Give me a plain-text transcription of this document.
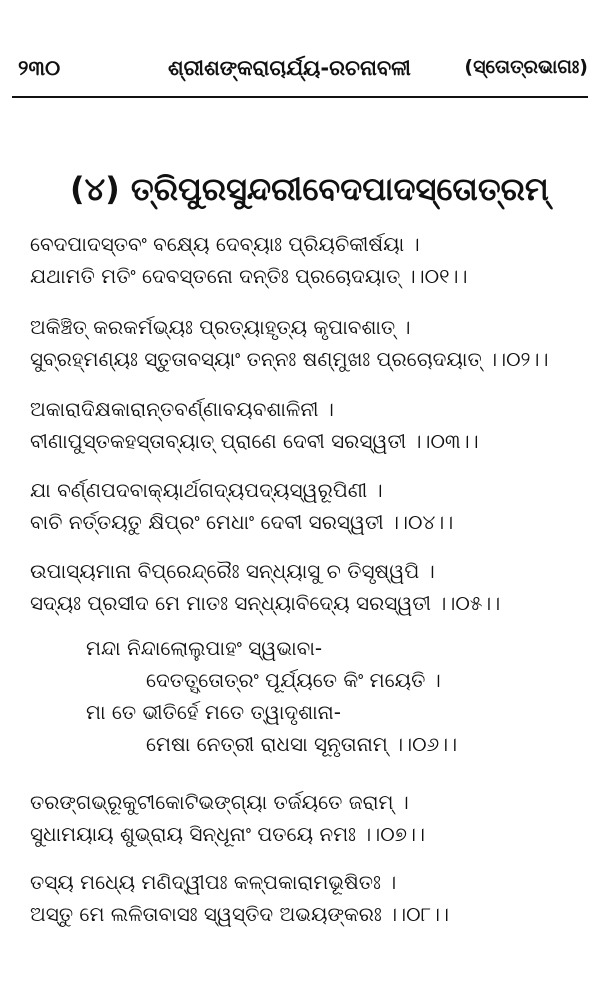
୨୩୦	ଶ୍ରୀଶଙ୍କରାଚାର୍ଯ୍ୟ-ରଚନାବଳୀ	(ସ୍ତୋତ୍ରଭାଗଃ)
(୪) ତ୍ରିପୁରସୁନ୍ଦରୀବେଦପାଦସ୍ତୋତ୍ରମ୍
ବେଦପାଦସ୍ତବଂ ବକ୍ଷ୍ୟେ ଦେବ୍ୟାଃ ପ୍ରିୟଚିକୀର୍ଷୟା ।
ଯଥାମତି ମତିଂ ଦେବସ୍ତନୋ ଦନ୍ତିଃ ପ୍ରଚୋଦୟାତ୍ ।।୦୧।।
ଅକିଞ୍ଚିତ୍ କରକର୍ମଭ୍ୟଃ ପ୍ରତ୍ୟାହୃତ୍ୟ କୃପାବଶାତ୍ ।
ସୁବ୍ରହ୍ମଣ୍ୟଃ ସ୍ତୁତାବସ୍ୟାଂ ତନ୍ନଃ ଷଣ୍ମୁଖଃ ପ୍ରଚୋଦୟାତ୍ ।।୦୨।।
ଅକାରାଦିକ୍ଷକାରାନ୍ତବର୍ଣ୍ଣାବୟବଶାଳିନୀ ।
ବୀଣାପୁସ୍ତକହସ୍ତାବ୍ୟାତ୍ ପ୍ରାଣେ ଦେବୀ ସରସ୍ୱତୀ ।।୦୩।।
ଯା ବର୍ଣ୍ଣପଦବାକ୍ୟାର୍ଥଗଦ୍ୟପଦ୍ୟସ୍ୱରୂପିଣୀ ।
ବାଚି ନର୍ତ୍ତୟତୁ କ୍ଷିପ୍ରଂ ମେଧାଂ ଦେବୀ ସରସ୍ୱତୀ ।।୦୪।।
ଉପାସ୍ୟମାନା ବିପ୍ରେନ୍ଦ୍ରୈଃ ସନ୍ଧ୍ୟାସୁ ଚ ତିସୃଷ୍ୱପି ।
ସଦ୍ୟଃ ପ୍ରସୀଦ ମେ ମାତଃ ସନ୍ଧ୍ୟାବିଦ୍ୟେ ସରସ୍ୱତୀ ।।୦୫।।
ମନ୍ଦା ନିନ୍ଦାଲୋଲୁପାହଂ ସ୍ୱଭାବା-
ଦେତତ୍ସ୍ତୋତ୍ରଂ ପୂର୍ଯ୍ୟତେ କିଂ ମୟେତି ।
ମା ତେ ଭୀତିର୍ହେ ମତେ ତ୍ୱାଦୃଶାନା-
ମେଷା ନେତ୍ରୀ ରାଧସା ସୂନୃତାନାମ୍ ।।୦୬।।
ତରଙ୍ଗଭ୍ରୂକୁଟୀକୋଟିଭଙ୍ଗ୍ୟା ତର୍ଜୟତେ ଜରାମ୍ ।
ସୁଧାମୟାୟ ଶୁଭ୍ରାୟ ସିନ୍ଧୂନାଂ ପତୟେ ନମଃ ।।୦୭।।
ତସ୍ୟ ମଧ୍ୟେ ମଣିଦ୍ୱୀପଃ କଳ୍ପକାରାମଭୂଷିତଃ ।
ଅସ୍ତୁ ମେ ଲଳିତାବାସଃ ସ୍ୱସ୍ତିଦ ଅଭୟଙ୍କରଃ ।।୦୮।।
